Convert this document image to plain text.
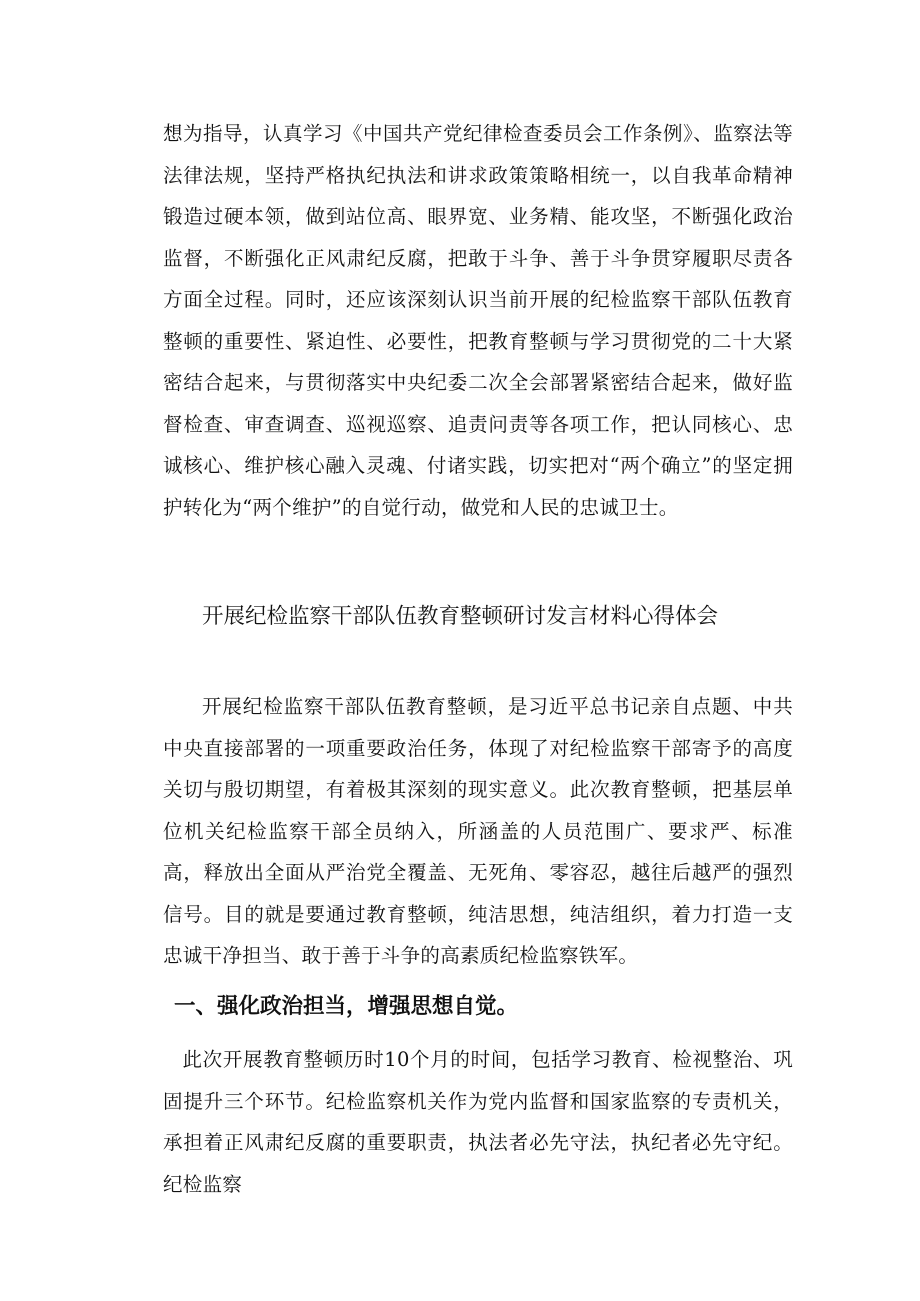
想为指导，认真学习《中国共产党纪律检查委员会工作条例》、监察法等法律法规，坚持严格执纪执法和讲求政策策略相统一，以自我革命精神锻造过硬本领，做到站位高、眼界宽、业务精、能攻坚，不断强化政治监督，不断强化正风肃纪反腐，把敢于斗争、善于斗争贯穿履职尽责各方面全过程。同时，还应该深刻认识当前开展的纪检监察干部队伍教育整顿的重要性、紧迫性、必要性，把教育整顿与学习贯彻党的二十大紧密结合起来，与贯彻落实中央纪委二次全会部署紧密结合起来，做好监督检查、审查调查、巡视巡察、追责问责等各项工作，把认同核心、忠诚核心、维护核心融入灵魂、付诸实践，切实把对“两个确立”的坚定拥护转化为“两个维护”的自觉行动，做党和人民的忠诚卫士。

开展纪检监察干部队伍教育整顿研讨发言材料心得体会

开展纪检监察干部队伍教育整顿，是习近平总书记亲自点题、中共中央直接部署的一项重要政治任务，体现了对纪检监察干部寄予的高度关切与殷切期望，有着极其深刻的现实意义。此次教育整顿，把基层单位机关纪检监察干部全员纳入，所涵盖的人员范围广、要求严、标准高，释放出全面从严治党全覆盖、无死角、零容忍，越往后越严的强烈信号。目的就是要通过教育整顿，纯洁思想，纯洁组织，着力打造一支忠诚干净担当、敢于善于斗争的高素质纪检监察铁军。

一、强化政治担当，增强思想自觉。

此次开展教育整顿历时10个月的时间，包括学习教育、检视整治、巩固提升三个环节。纪检监察机关作为党内监督和国家监察的专责机关，承担着正风肃纪反腐的重要职责，执法者必先守法，执纪者必先守纪。纪检监察
